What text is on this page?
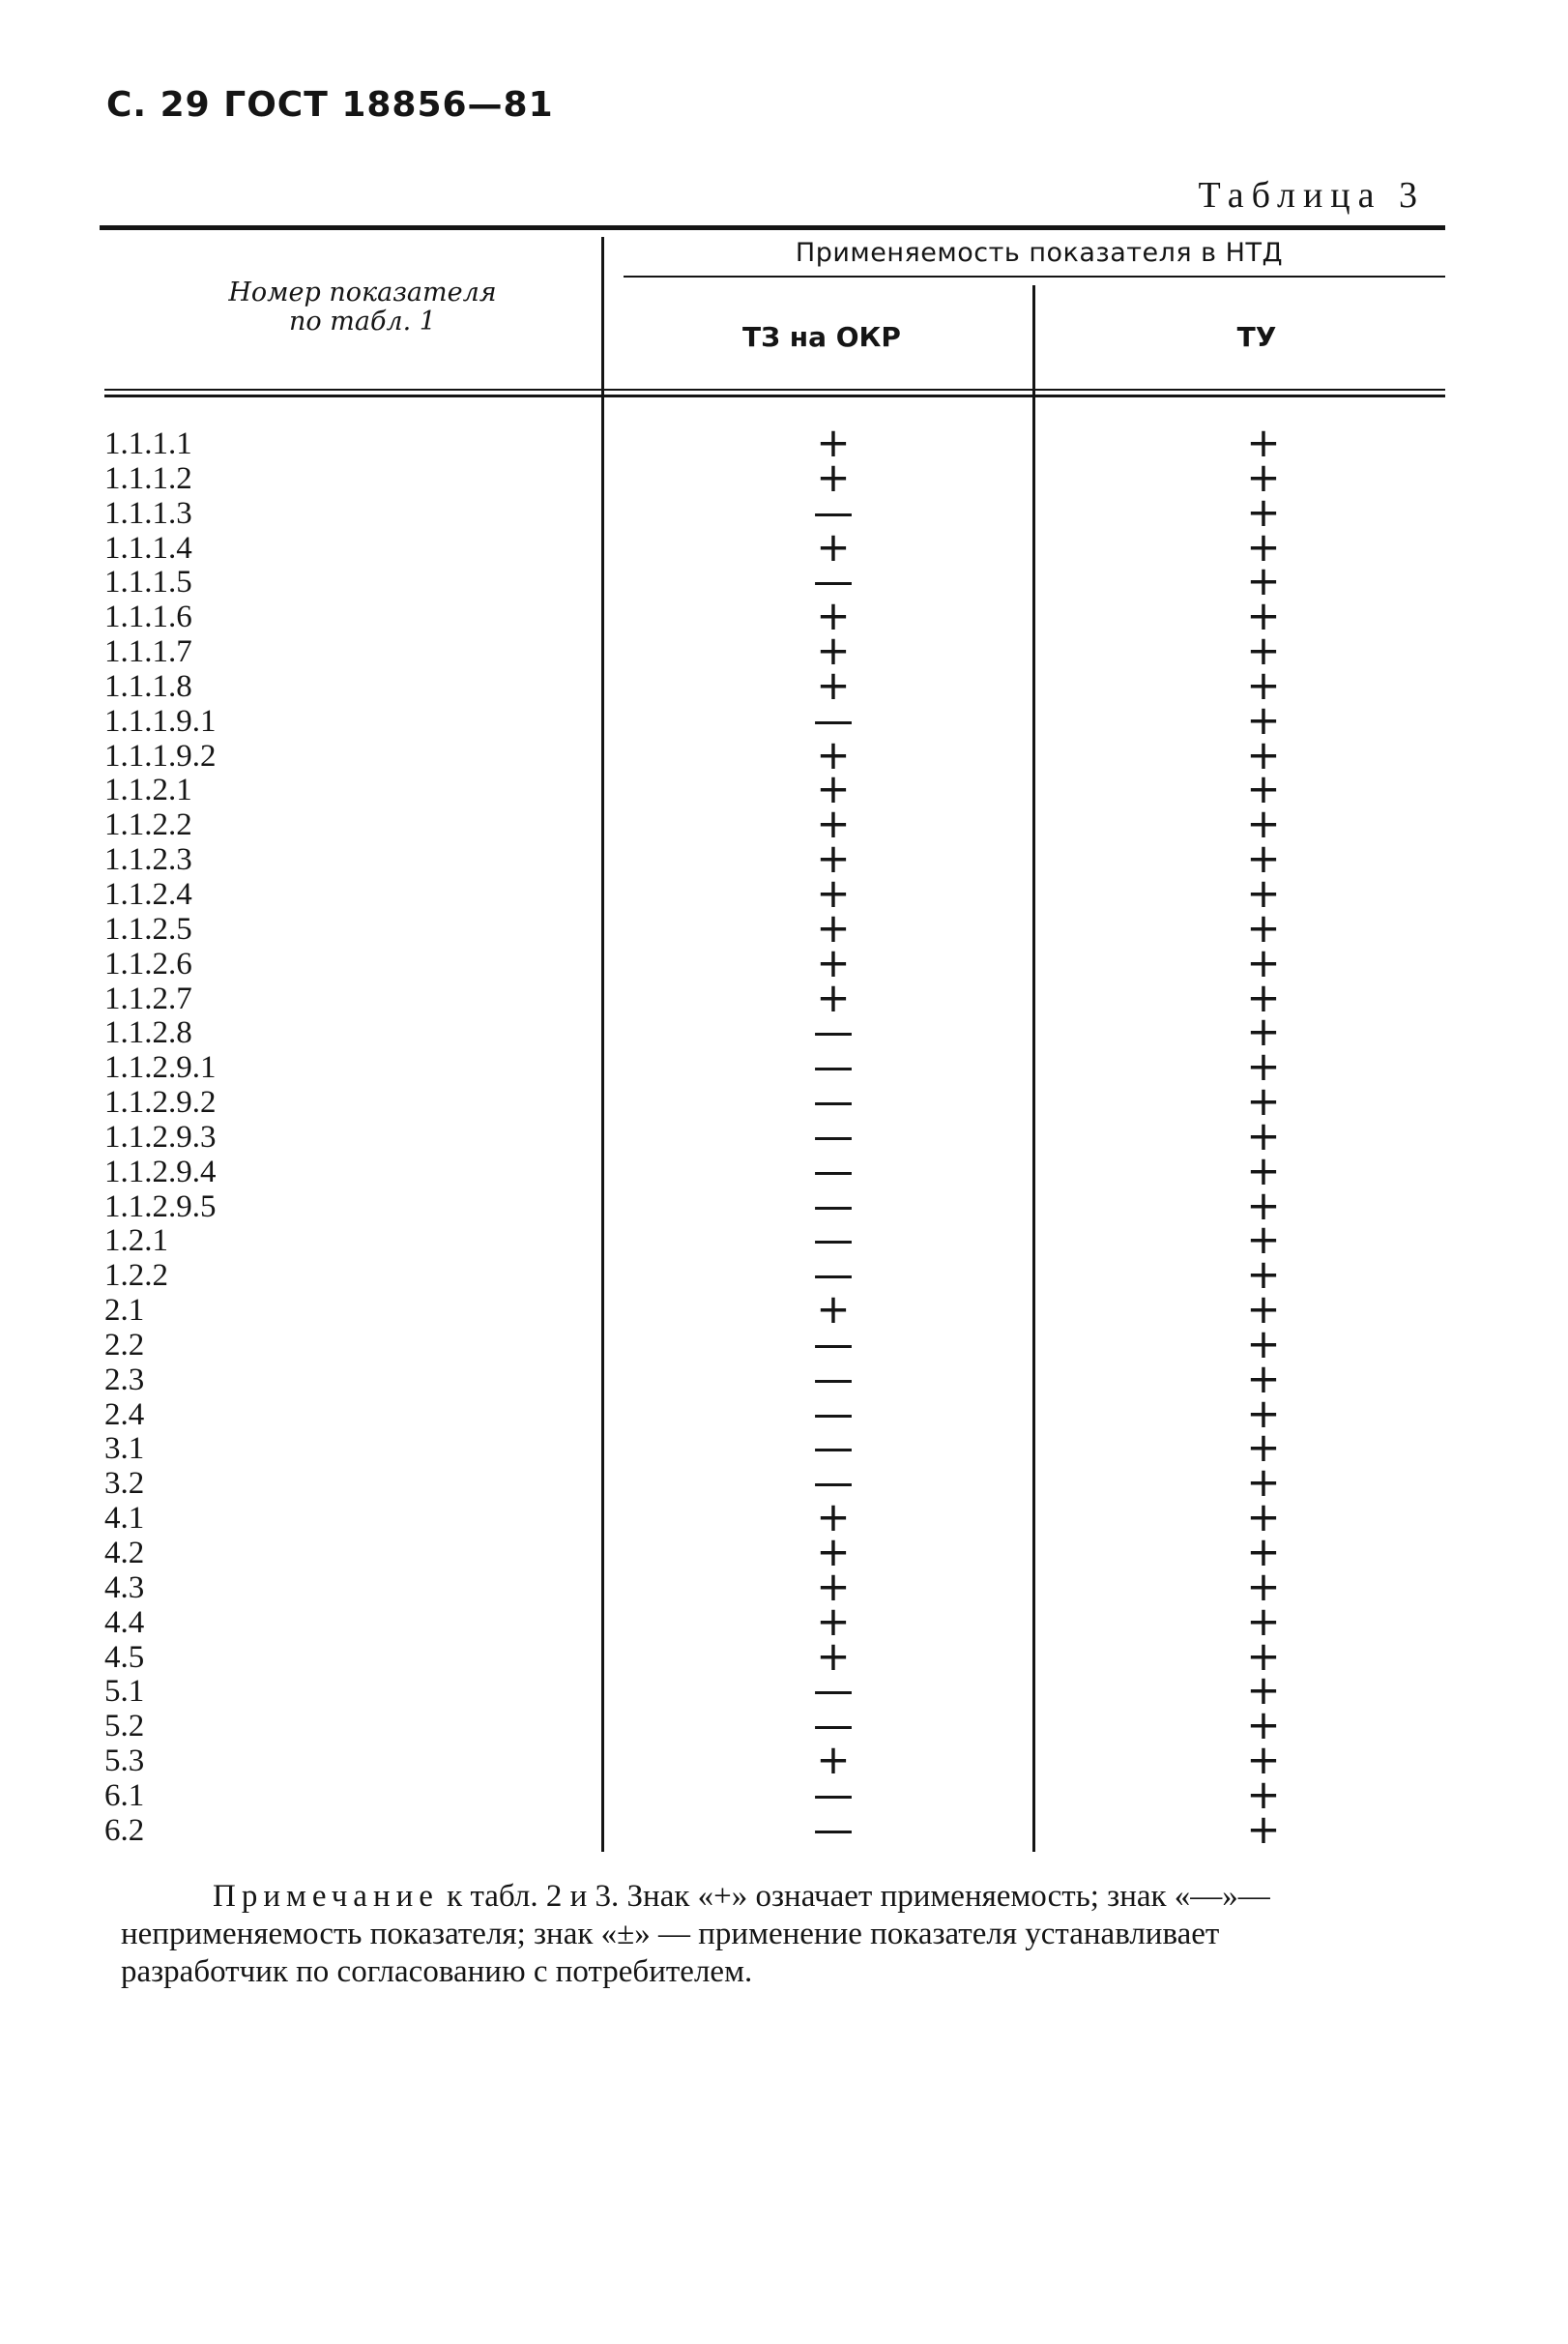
С. 29 ГОСТ 18856—81
Таблица 3
Номер показателя
по табл. 1
Применяемость показателя в НТД
ТЗ на ОКР	ТУ
1.1.1.1	+	+
1.1.1.2	+	+
1.1.1.3	—	+
1.1.1.4	+	+
1.1.1.5	—	+
1.1.1.6	+	+
1.1.1.7	+	+
1.1.1.8	+	+
1.1.1.9.1	—	+
1.1.1.9.2	+	+
1.1.2.1	+	+
1.1.2.2	+	+
1.1.2.3	+	+
1.1.2.4	+	+
1.1.2.5	+	+
1.1.2.6	+	+
1.1.2.7	+	+
1.1.2.8	—	+
1.1.2.9.1	—	+
1.1.2.9.2	—	+
1.1.2.9.3	—	+
1.1.2.9.4	—	+
1.1.2.9.5	—	+
1.2.1	—	+
1.2.2	—	+
2.1	+	+
2.2	—	+
2.3	—	+
2.4	—	+
3.1	—	+
3.2	—	+
4.1	+	+
4.2	+	+
4.3	+	+
4.4	+	+
4.5	+	+
5.1	—	+
5.2	—	+
5.3	+	+
6.1	—	+
6.2	—	+
Примечание к табл. 2 и 3. Знак «+» означает применяемость; знак «—»—
неприменяемость показателя; знак «±» — применение показателя устанавливает
разработчик по согласованию с потребителем.
